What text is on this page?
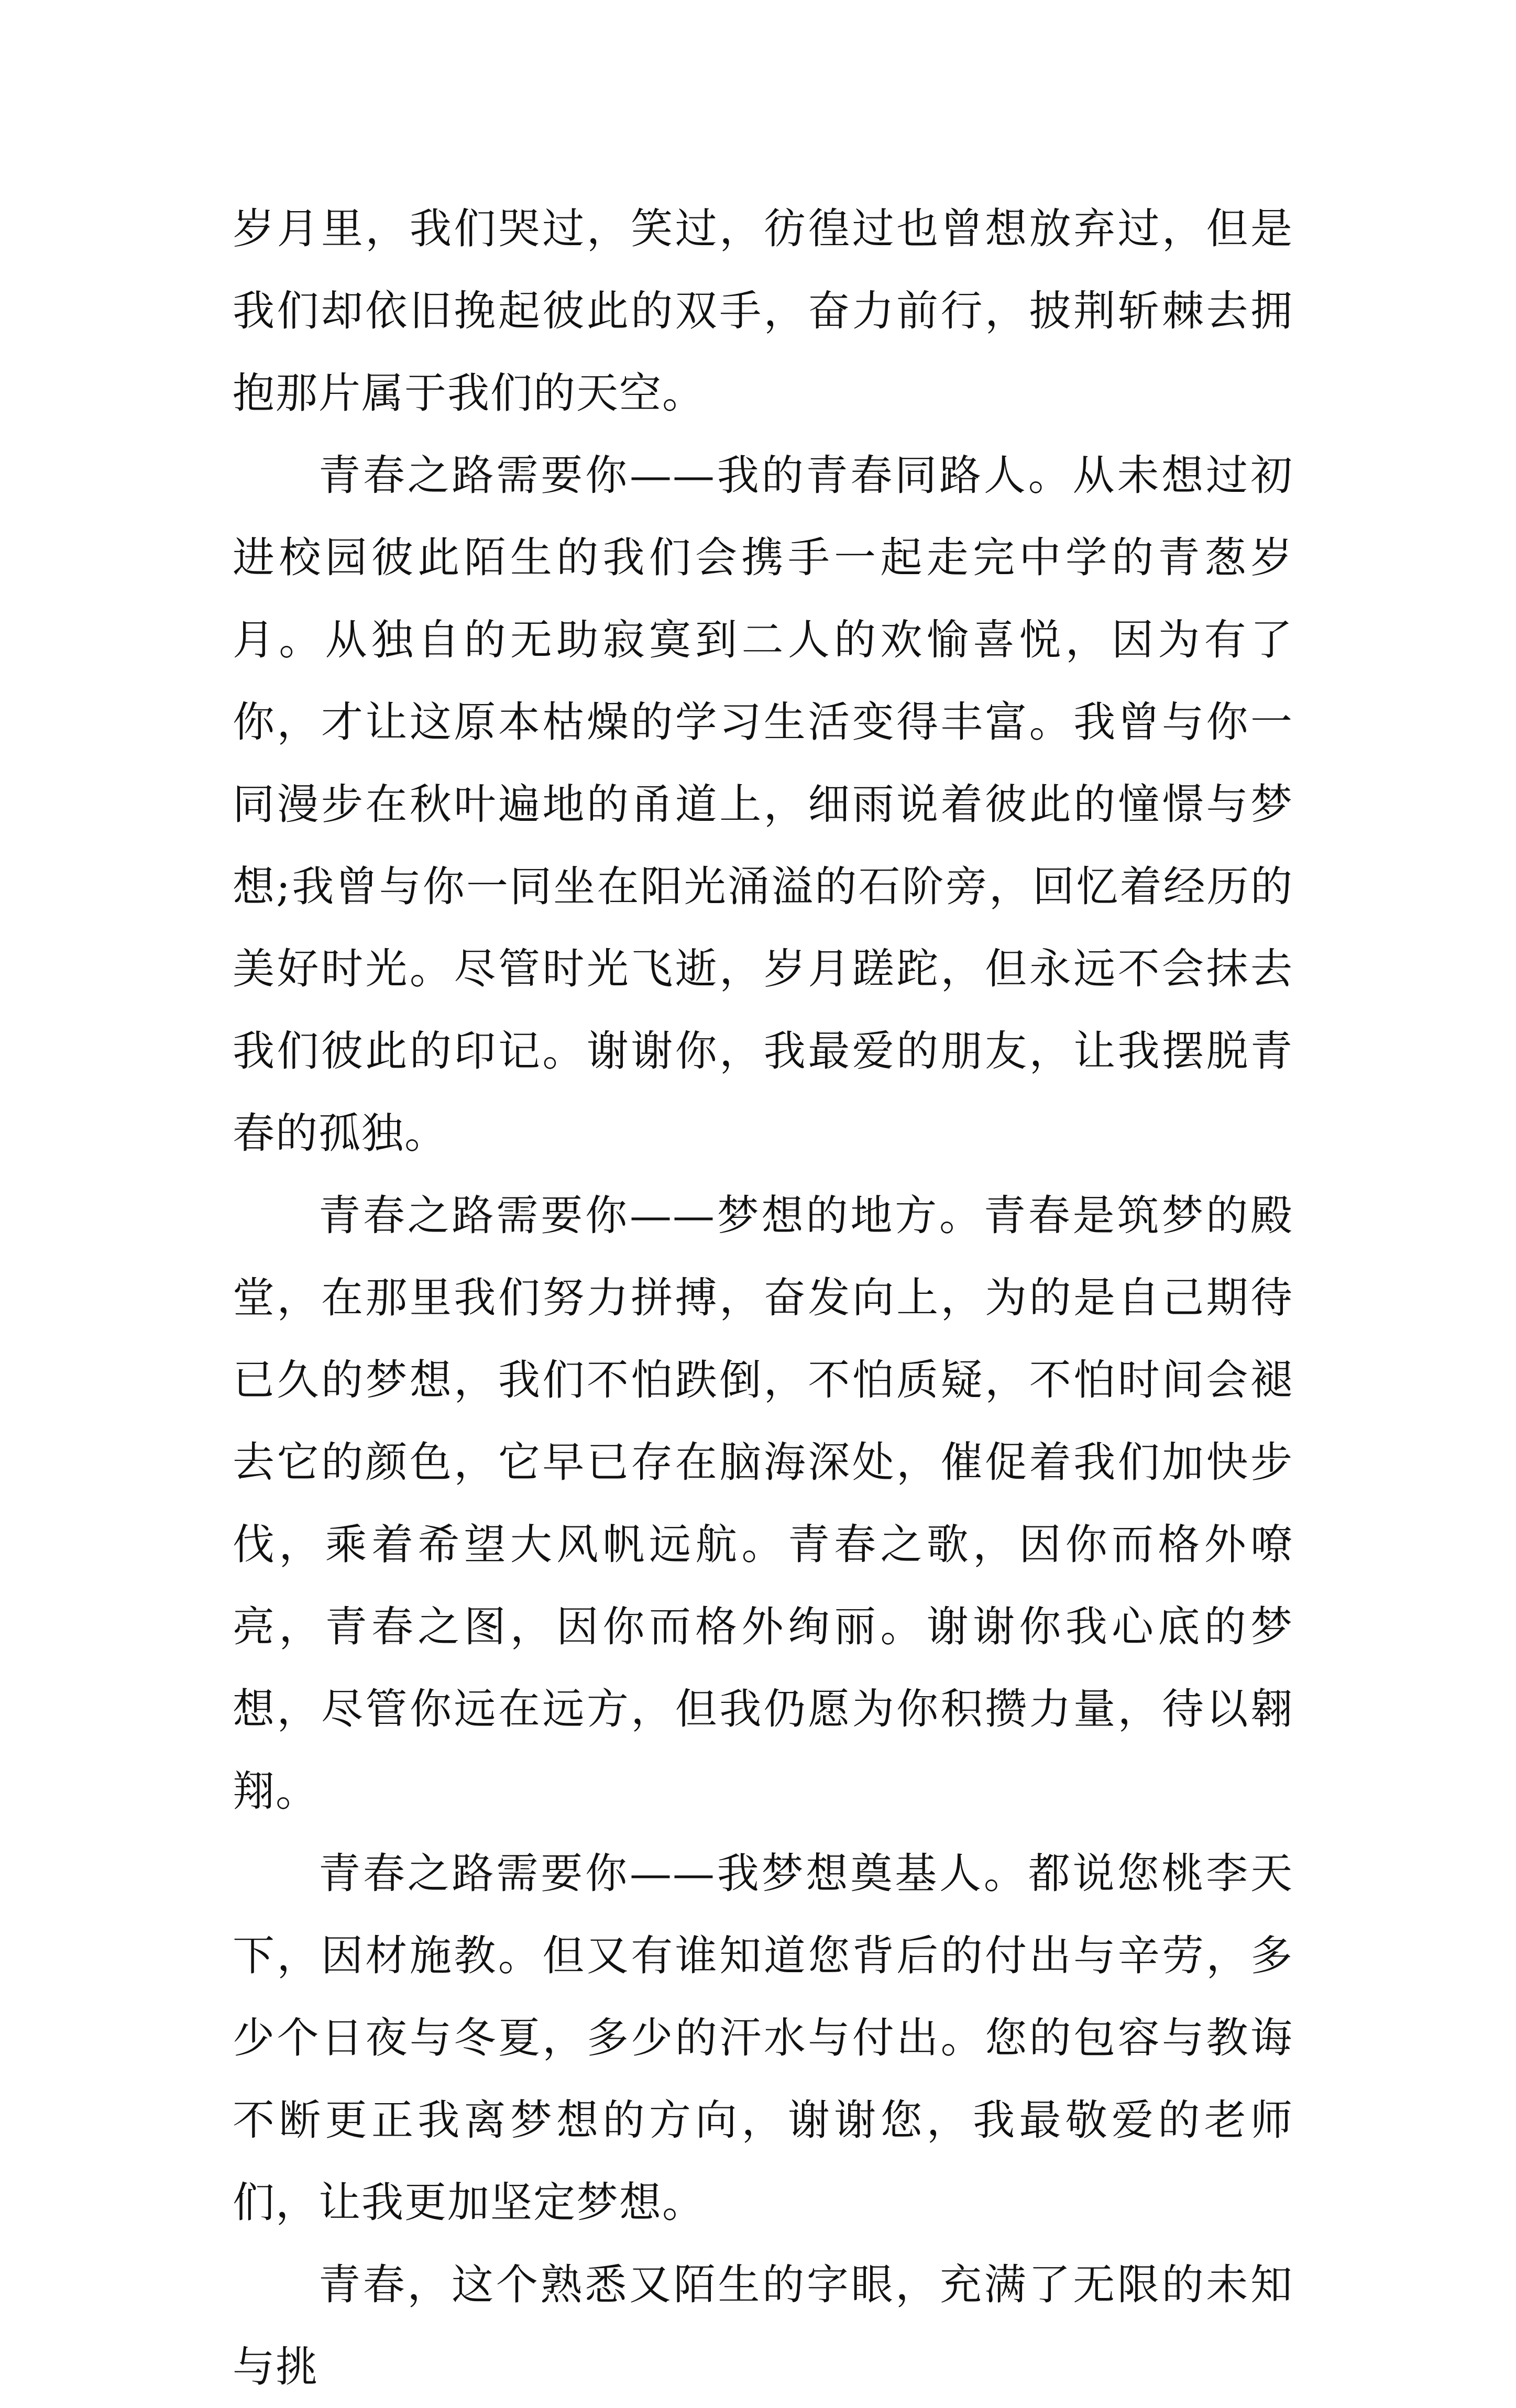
岁月里，我们哭过，笑过，彷徨过也曾想放弃过，但是我们却依旧挽起彼此的双手，奋力前行，披荆斩棘去拥抱那片属于我们的天空。

青春之路需要你——我的青春同路人。从未想过初进校园彼此陌生的我们会携手一起走完中学的青葱岁月。从独自的无助寂寞到二人的欢愉喜悦，因为有了你，才让这原本枯燥的学习生活变得丰富。我曾与你一同漫步在秋叶遍地的甬道上，细雨说着彼此的憧憬与梦想;我曾与你一同坐在阳光涌溢的石阶旁，回忆着经历的美好时光。尽管时光飞逝，岁月蹉跎，但永远不会抹去我们彼此的印记。谢谢你，我最爱的朋友，让我摆脱青春的孤独。

青春之路需要你——梦想的地方。青春是筑梦的殿堂，在那里我们努力拼搏，奋发向上，为的是自己期待已久的梦想，我们不怕跌倒，不怕质疑，不怕时间会褪去它的颜色，它早已存在脑海深处，催促着我们加快步伐，乘着希望大风帆远航。青春之歌，因你而格外嘹亮，青春之图，因你而格外绚丽。谢谢你我心底的梦想，尽管你远在远方，但我仍愿为你积攒力量，待以翱翔。

青春之路需要你——我梦想奠基人。都说您桃李天下，因材施教。但又有谁知道您背后的付出与辛劳，多少个日夜与冬夏，多少的汗水与付出。您的包容与教诲不断更正我离梦想的方向，谢谢您，我最敬爱的老师们，让我更加坚定梦想。

青春，这个熟悉又陌生的字眼，充满了无限的未知与挑
